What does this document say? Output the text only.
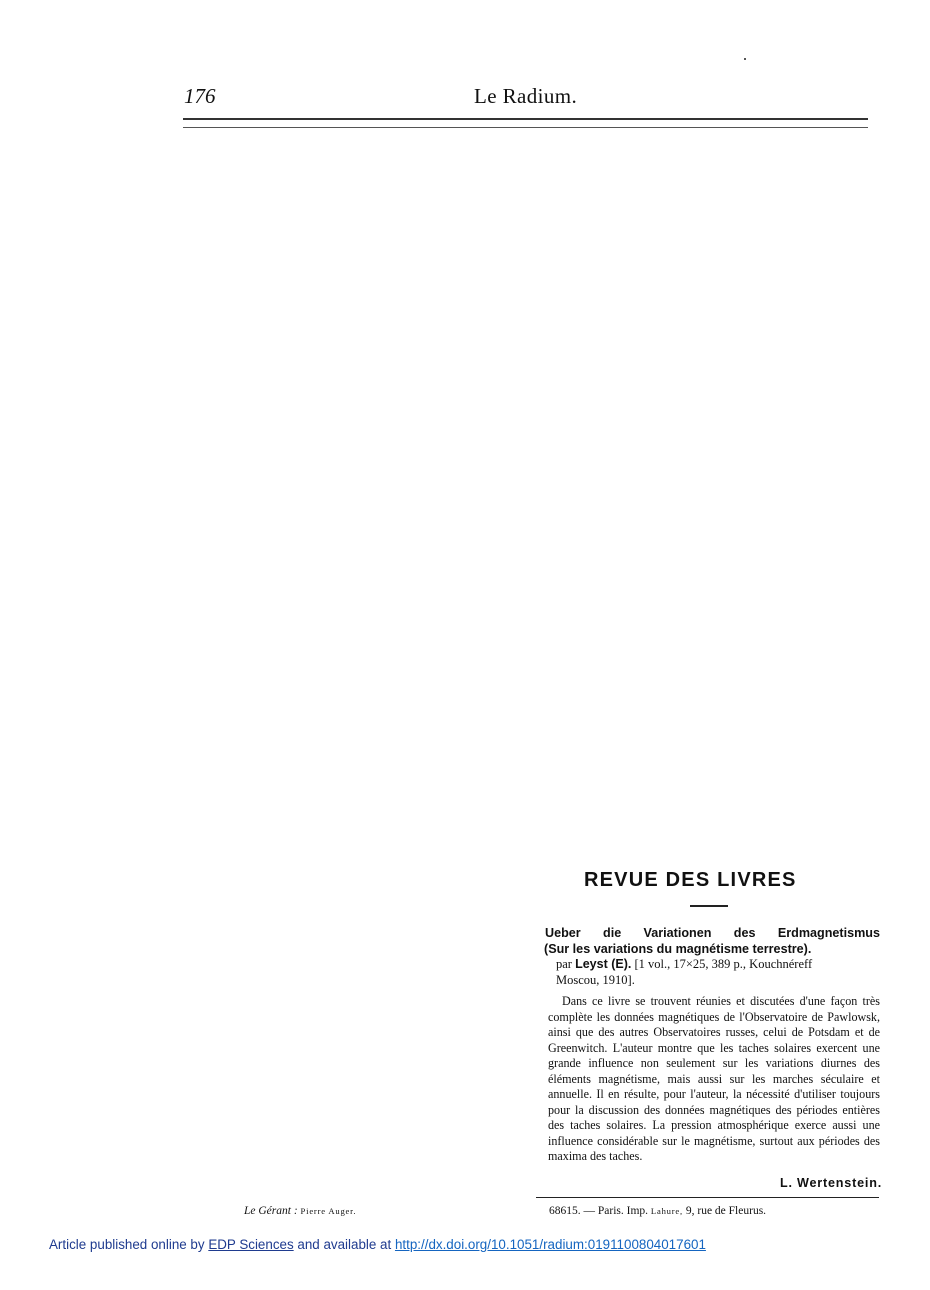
176	Le Radium.
REVUE DES LIVRES
Ueber die Variationen des Erdmagnetismus
(Sur les variations du magnétisme terrestre).
par Leyst (E). [1 vol., 17×25, 389 p., Kouchnéreff
Moscou, 1910].

Dans ce livre se trouvent réunies et discutées d'une façon très complète les données magnétiques de l'Observatoire de Pawlowsk, ainsi que des autres Observatoires russes, celui de Potsdam et de Greenwitch. L'auteur montre que les taches solaires exercent une grande influence non seulement sur les variations diurnes des éléments magnétisme, mais aussi sur les marches séculaire et annuelle. Il en résulte, pour l'auteur, la nécessité d'utiliser toujours pour la discussion des données magnétiques des périodes entières des taches solaires. La pression atmosphérique exerce aussi une influence considérable sur le magnétisme, surtout aux périodes des maxima des taches.

L. Wertenstein.
Le Gérant : Pierre Auger.	68615. — Paris. Imp. Lahure, 9, rue de Fleurus.
Article published online by EDP Sciences and available at http://dx.doi.org/10.1051/radium:0191100804017601
